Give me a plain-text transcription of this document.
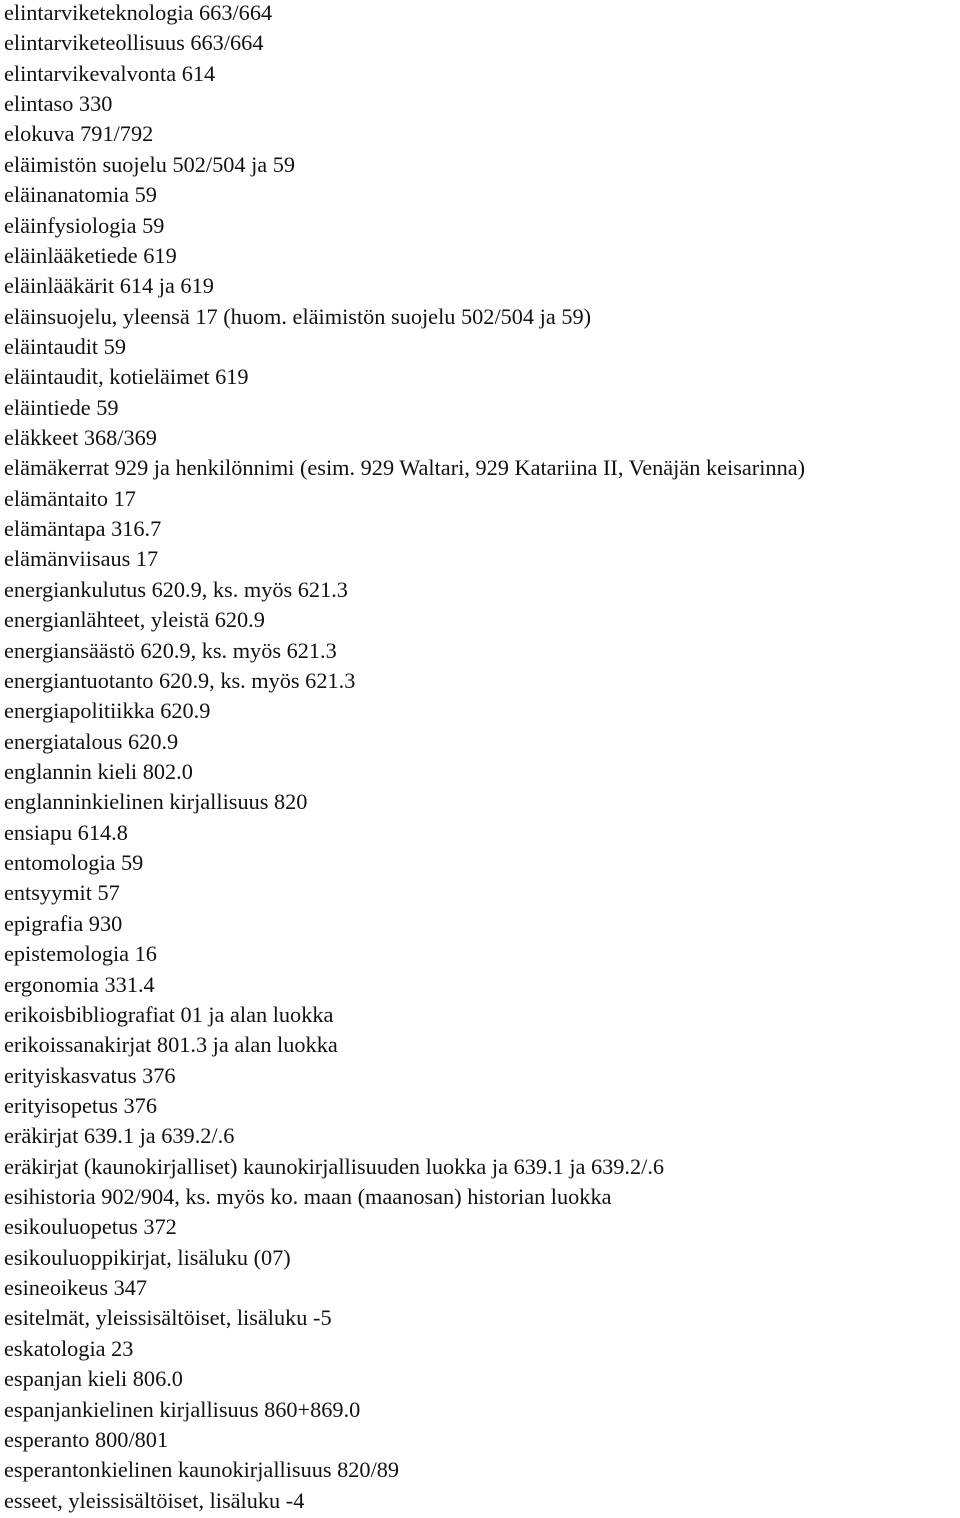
elintarviketeknologia 663/664
elintarviketeollisuus 663/664
elintarvikevalvonta 614
elintaso 330
elokuva 791/792
eläimistön suojelu 502/504 ja 59
eläinanatomia 59
eläinfysiologia 59
eläinlääketiede 619
eläinlääkärit 614 ja 619
eläinsuojelu, yleensä 17 (huom. eläimistön suojelu 502/504 ja 59)
eläintaudit 59
eläintaudit, kotieläimet 619
eläintiede 59
eläkkeet 368/369
elämäkerrat 929 ja henkilönnimi (esim. 929 Waltari, 929 Katariina II, Venäjän keisarinna)
elämäntaito 17
elämäntapa 316.7
elämänviisaus 17
energiankulutus 620.9, ks. myös 621.3
energianlähteet, yleistä 620.9
energiansäästö 620.9, ks. myös 621.3
energiantuotanto 620.9, ks. myös 621.3
energiapolitiikka 620.9
energiatalous 620.9
englannin kieli 802.0
englanninkielinen kirjallisuus 820
ensiapu 614.8
entomologia 59
entsyymit 57
epigrafia 930
epistemologia 16
ergonomia 331.4
erikoisbibliografiat 01 ja alan luokka
erikoissanakirjat 801.3 ja alan luokka
erityiskasvatus 376
erityisopetus 376
eräkirjat 639.1 ja 639.2/.6
eräkirjat (kaunokirjalliset) kaunokirjallisuuden luokka ja 639.1 ja 639.2/.6
esihistoria 902/904, ks. myös ko. maan (maanosan) historian luokka
esikouluopetus 372
esikouluoppikirjat, lisäluku (07)
esineoikeus 347
esitelmät, yleissisältöiset, lisäluku -5
eskatologia 23
espanjan kieli 806.0
espanjankielinen kirjallisuus 860+869.0
esperanto 800/801
esperantonkielinen kaunokirjallisuus 820/89
esseet, yleissisältöiset, lisäluku -4
